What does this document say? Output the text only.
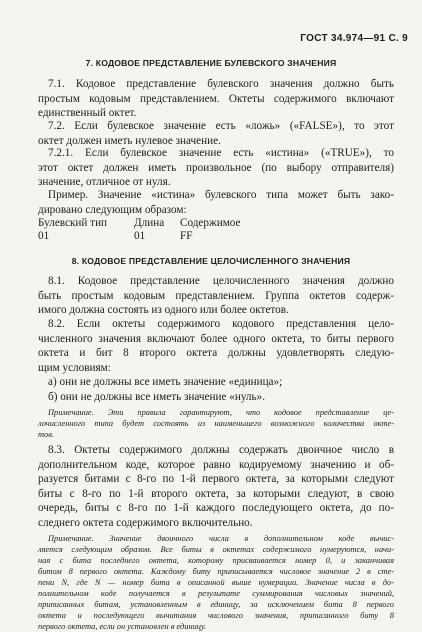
ГОСТ 34.974—91 С. 9
7. КОДОВОЕ ПРЕДСТАВЛЕНИЕ БУЛЕВСКОГО ЗНАЧЕНИЯ
7.1. Кодовое представление булевского значения должно быть
простым кодовым представлением. Октеты содержимого включают
единственный октет.
7.2. Если булевское значение есть «ложь» («FALSE»), то этот
октет должен иметь нулевое значение.
7.2.1. Если булевское значение есть «истина» («TRUE»), то
этот октет должен иметь произвольное (по выбору отправителя)
значение, отличное от нуля.
Пример. Значение «истина» булевского типа может быть зако-
дировано следующим образом:
Булевский тип Длина Содержимое
01	01	FF
8. КОДОВОЕ ПРЕДСТАВЛЕНИЕ ЦЕЛОЧИСЛЕННОГО ЗНАЧЕНИЯ
8.1. Кодовое представление целочисленного значения должно
быть простым кодовым представлением. Группа октетов содерж-
имого должна состоять из одного или более октетов.
8.2. Если октеты содержимого кодового представления цело-
численного значения включают более одного октета, то биты первого
октета и бит 8 второго октета должны удовлетворять следую-
щим условиям:
а) они не должны все иметь значение «единица»;
б) они не должны все иметь значение «нуль».
Примечание. Эти правила гарантируют, что кодовое представление це-
лочисленного типа будет состоять из наименьшего возможного количества окте-
тов.
8.3. Октеты содержимого должны содержать двоичное число в
дополнительном коде, которое равно кодируемому значению и об-
разуется битами с 8-го по 1-й первого октета, за которыми следуют
биты с 8-го по 1-й второго октета, за которыми следуют, в свою
очередь, биты с 8-го по 1-й каждого последующего октета, до по-
следнего октета содержимого включительно.
Примечание. Значение двоичного числа в дополнительном коде вычис-
ляется следующим образом. Все биты в октетах содержимого нумеруются, начи-
ная с бита последнего октета, которому присваивается номер 0, и заканчивая
битом 8 первого октета. Каждому биту приписывается числовое значение 2 в сте-
пени N, где N — номер бита в описанной выше нумерации. Значение числа в до-
полнительном коде получается в результате суммирования числовых значений,
приписанных битам, установленным в единицу, за исключением бита 8 первого
октета и последующего вычитания числового значения, приписанного биту 8
первого октета, если он установлен в единицу.
